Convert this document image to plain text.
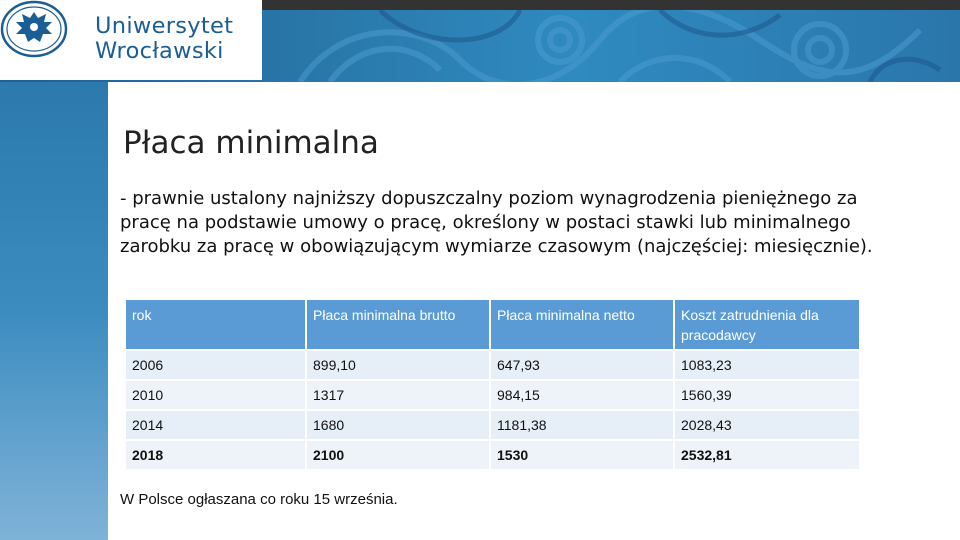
Uniwersytet
Wrocławski
Płaca minimalna
- prawnie ustalony najniższy dopuszczalny poziom wynagrodzenia pieniężnego za pracę na podstawie umowy o pracę, określony w postaci stawki lub minimalnego zarobku za pracę w obowiązującym wymiarze czasowym (najczęściej: miesięcznie).
rok	Płaca minimalna brutto	Płaca minimalna netto	Koszt zatrudnienia dla pracodawcy
2006	899,10	647,93	1083,23
2010	1317	984,15	1560,39
2014	1680	1181,38	2028,43
2018	2100	1530	2532,81
W Polsce ogłaszana co roku 15 września.
